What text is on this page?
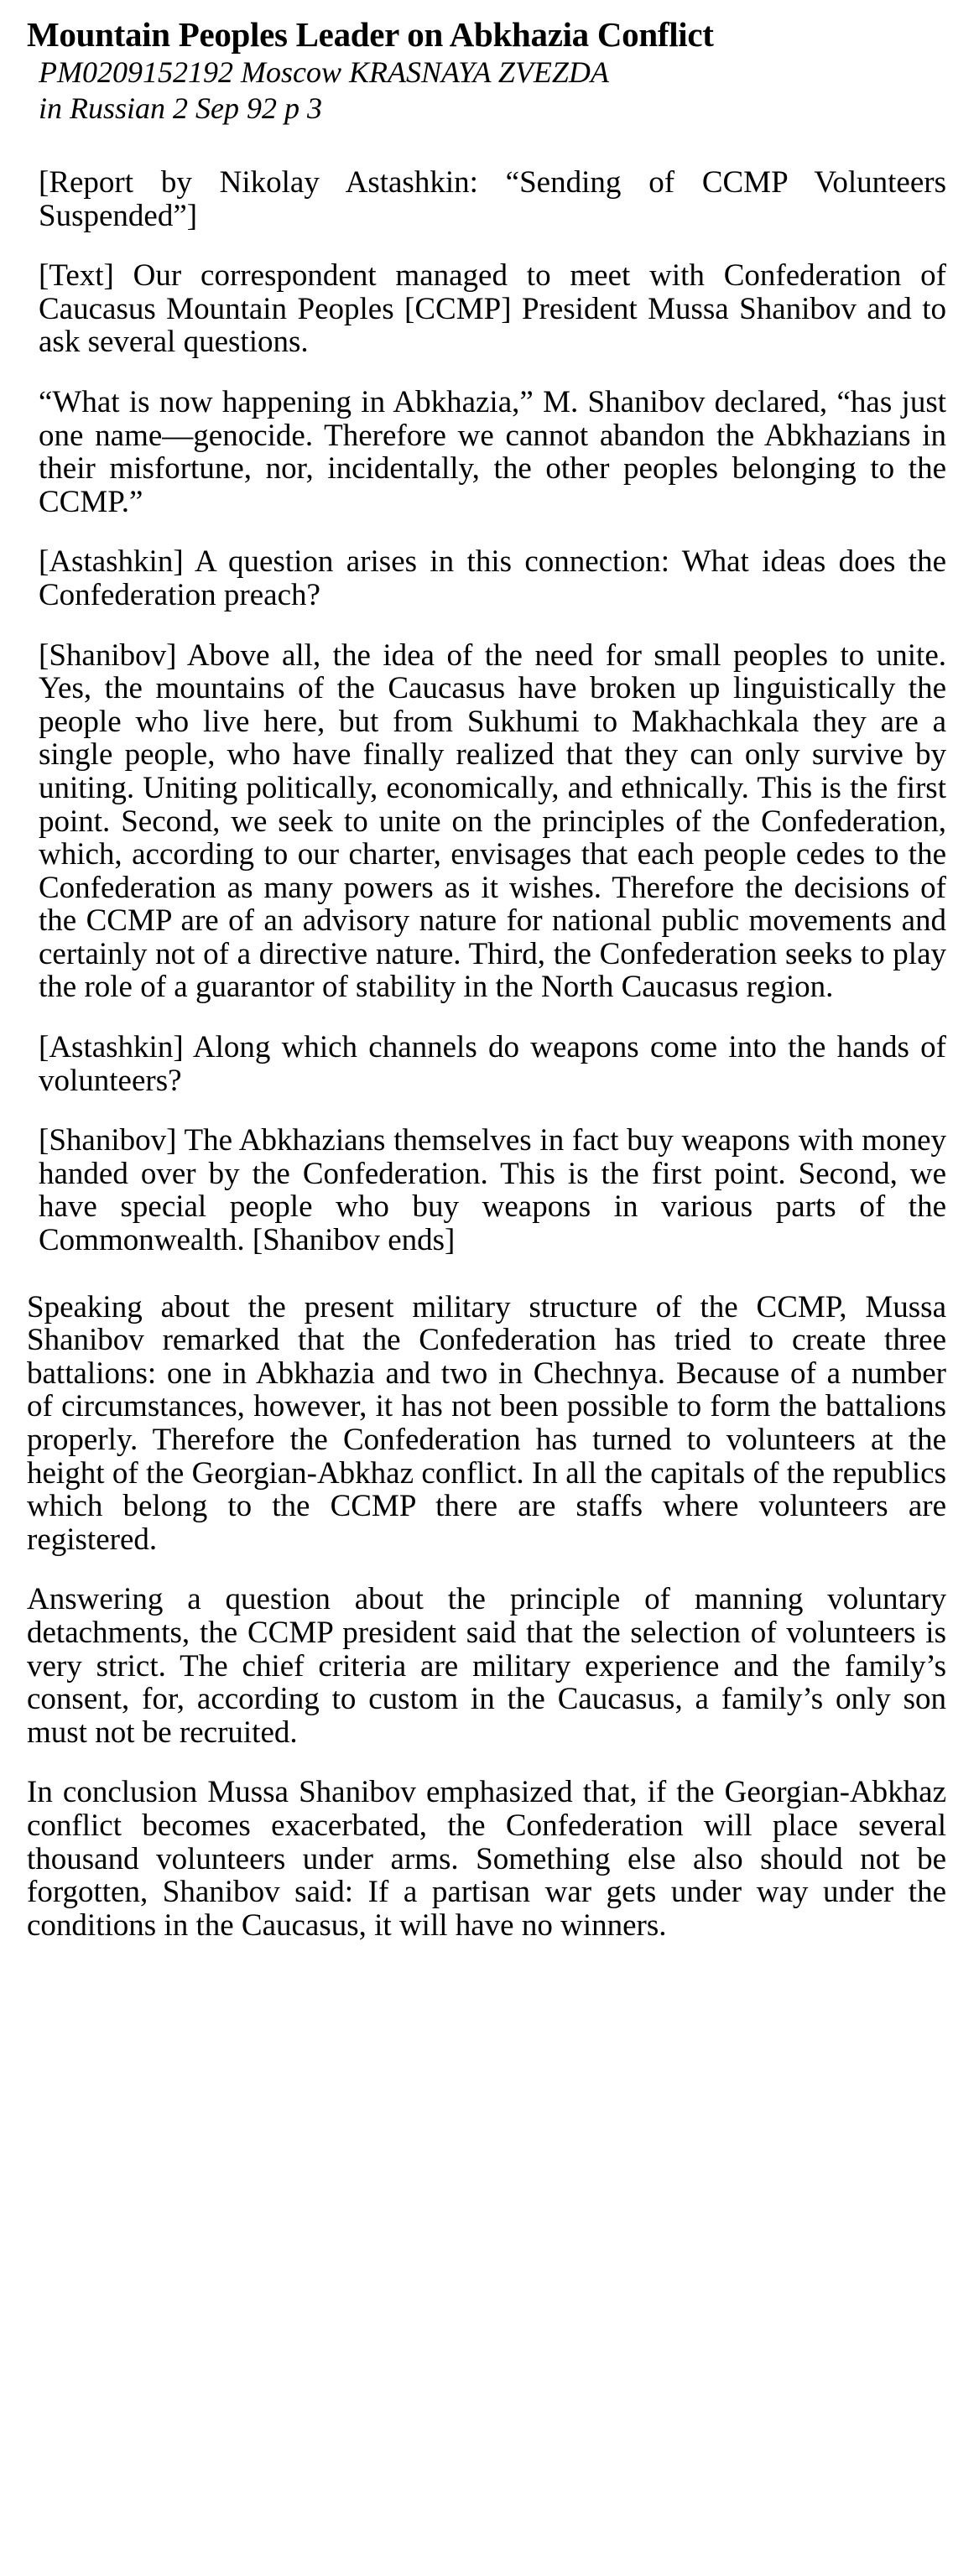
Mountain Peoples Leader on Abkhazia Conflict
PM0209152192 Moscow KRASNAYA ZVEZDA
in Russian 2 Sep 92 p 3

[Report by Nikolay Astashkin: “Sending of CCMP Volunteers Suspended”]

[Text] Our correspondent managed to meet with Confederation of Caucasus Mountain Peoples [CCMP] President Mussa Shanibov and to ask several questions.

“What is now happening in Abkhazia,” M. Shanibov declared, “has just one name—genocide. Therefore we cannot abandon the Abkhazians in their misfortune, nor, incidentally, the other peoples belonging to the CCMP.”

[Astashkin] A question arises in this connection: What ideas does the Confederation preach?

[Shanibov] Above all, the idea of the need for small peoples to unite. Yes, the mountains of the Caucasus have broken up linguistically the people who live here, but from Sukhumi to Makhachkala they are a single people, who have finally realized that they can only survive by uniting. Uniting politically, economically, and ethnically. This is the first point. Second, we seek to unite on the principles of the Confederation, which, according to our charter, envisages that each people cedes to the Confederation as many powers as it wishes. Therefore the decisions of the CCMP are of an advisory nature for national public movements and certainly not of a directive nature. Third, the Confederation seeks to play the role of a guarantor of stability in the North Caucasus region.

[Astashkin] Along which channels do weapons come into the hands of volunteers?

[Shanibov] The Abkhazians themselves in fact buy weapons with money handed over by the Confederation. This is the first point. Second, we have special people who buy weapons in various parts of the Commonwealth. [Shanibov ends]

Speaking about the present military structure of the CCMP, Mussa Shanibov remarked that the Confederation has tried to create three battalions: one in Abkhazia and two in Chechnya. Because of a number of circumstances, however, it has not been possible to form the battalions properly. Therefore the Confederation has turned to volunteers at the height of the Georgian-Abkhaz conflict. In all the capitals of the republics which belong to the CCMP there are staffs where volunteers are registered.

Answering a question about the principle of manning voluntary detachments, the CCMP president said that the selection of volunteers is very strict. The chief criteria are military experience and the family’s consent, for, according to custom in the Caucasus, a family’s only son must not be recruited.

In conclusion Mussa Shanibov emphasized that, if the Georgian-Abkhaz conflict becomes exacerbated, the Confederation will place several thousand volunteers under arms. Something else also should not be forgotten, Shanibov said: If a partisan war gets under way under the conditions in the Caucasus, it will have no winners.
